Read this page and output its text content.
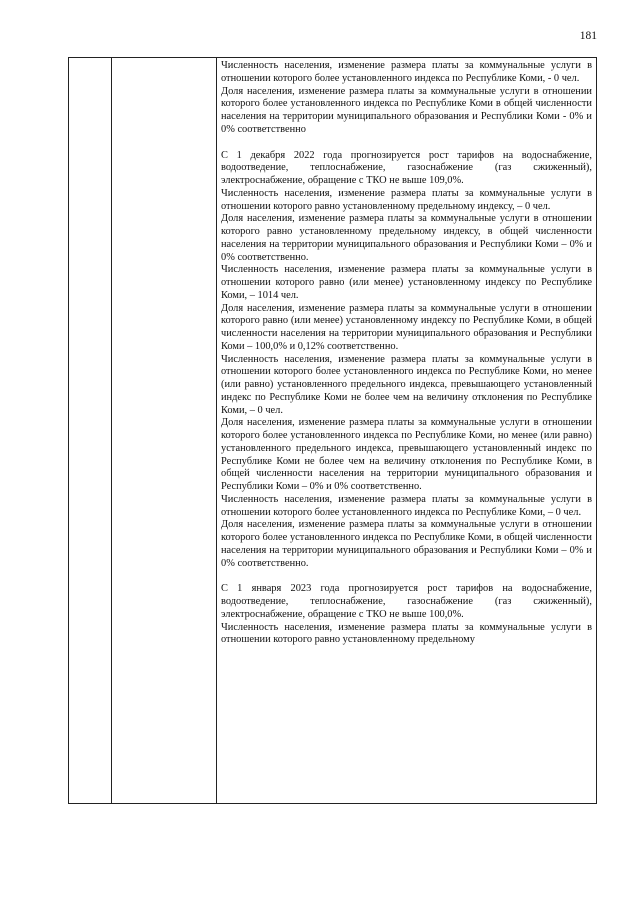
181

Численность населения, изменение размера платы за коммунальные услуги в отношении которого более установленного индекса по Республике Коми, - 0 чел.

Доля населения, изменение размера платы за коммунальные услуги в отношении которого более установленного индекса по Республике Коми в общей численности населения на территории муниципального образования и Республики Коми - 0% и 0% соответственно

С 1 декабря 2022 года прогнозируется рост тарифов на водоснабжение, водоотведение, теплоснабжение, газоснабжение (газ сжиженный), электроснабжение, обращение с ТКО не выше 109,0%.

Численность населения, изменение размера платы за коммунальные услуги в отношении которого равно установленному предельному индексу, – 0 чел.

Доля населения, изменение размера платы за коммунальные услуги в отношении которого равно установленному предельному индексу, в общей численности населения на территории муниципального образования и Республики Коми – 0% и 0% соответственно.

Численность населения, изменение размера платы за коммунальные услуги в отношении которого равно (или менее) установленному индексу по Республике Коми, – 1014 чел.

Доля населения, изменение размера платы за коммунальные услуги в отношении которого равно (или менее) установленному индексу по Республике Коми, в общей численности населения на территории муниципального образования и Республики Коми – 100,0% и 0,12% соответственно.

Численность населения, изменение размера платы за коммунальные услуги в отношении которого более установленного индекса по Республике Коми, но менее (или равно) установленного предельного индекса, превышающего установленный индекс по Республике Коми не более чем на величину отклонения по Республике Коми, – 0 чел.

Доля населения, изменение размера платы за коммунальные услуги в отношении которого более установленного индекса по Республике Коми, но менее (или равно) установленного предельного индекса, превышающего установленный индекс по Республике Коми не более чем на величину отклонения по Республике Коми, в общей численности населения на территории муниципального образования и Республики Коми – 0% и 0% соответственно.

Численность населения, изменение размера платы за коммунальные услуги в отношении которого более установленного индекса по Республике Коми, – 0 чел.

Доля населения, изменение размера платы за коммунальные услуги в отношении которого более установленного индекса по Республике Коми, в общей численности населения на территории муниципального образования и Республики Коми – 0% и 0% соответственно.

С 1 января 2023 года прогнозируется рост тарифов на водоснабжение, водоотведение, теплоснабжение, газоснабжение (газ сжиженный), электроснабжение, обращение с ТКО не выше 100,0%.

Численность населения, изменение размера платы за коммунальные услуги в отношении которого равно установленному предельному
